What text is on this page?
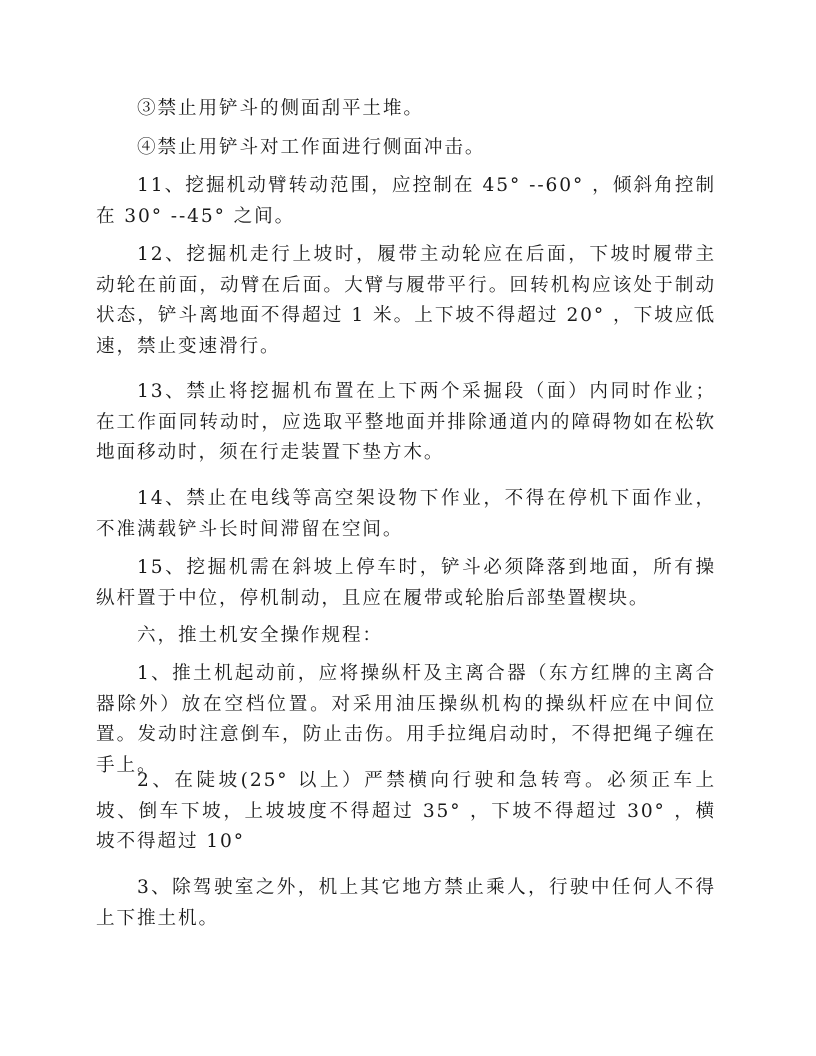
③禁止用铲斗的侧面刮平土堆。

④禁止用铲斗对工作面进行侧面冲击。

11、挖掘机动臂转动范围，应控制在 45° --60° ，倾斜角控制在 30° --45° 之间。

12、挖掘机走行上坡时，履带主动轮应在后面，下坡时履带主动轮在前面，动臂在后面。大臂与履带平行。回转机构应该处于制动状态，铲斗离地面不得超过 1 米。上下坡不得超过 20° ，下坡应低速，禁止变速滑行。

13、禁止将挖掘机布置在上下两个采掘段（面）内同时作业；在工作面同转动时，应选取平整地面并排除通道内的障碍物如在松软地面移动时，须在行走装置下垫方木。

14、禁止在电线等高空架设物下作业，不得在停机下面作业，不准满载铲斗长时间滞留在空间。

15、挖掘机需在斜坡上停车时，铲斗必须降落到地面，所有操纵杆置于中位，停机制动，且应在履带或轮胎后部垫置楔块。

六，推土机安全操作规程：

1、推土机起动前，应将操纵杆及主离合器（东方红牌的主离合器除外）放在空档位置。对采用油压操纵机构的操纵杆应在中间位置。发动时注意倒车，防止击伤。用手拉绳启动时，不得把绳子缠在手上。

2、在陡坡(25° 以上）严禁横向行驶和急转弯。必须正车上坡、倒车下坡，上坡坡度不得超过 35° ，下坡不得超过 30° ，横坡不得超过 10°

3、除驾驶室之外，机上其它地方禁止乘人，行驶中任何人不得上下推土机。
